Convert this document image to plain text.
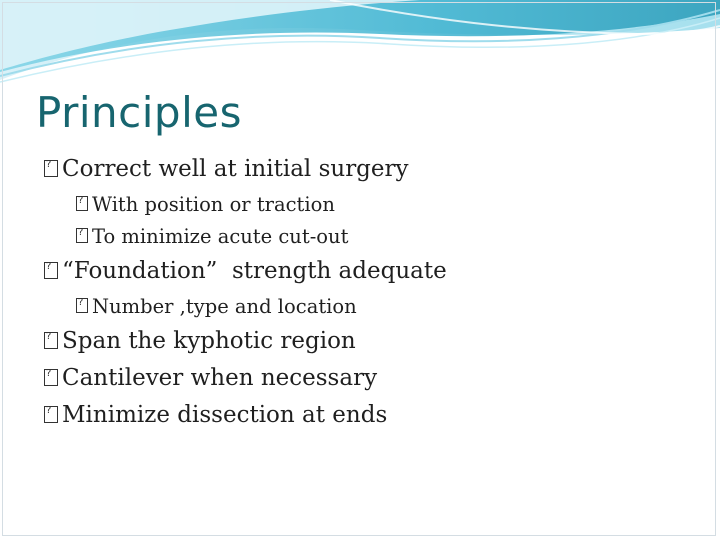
Principles
?
Correct well at initial surgery
?
With position or traction
?
To minimize acute cut-out
?
“Foundation”  strength adequate
?
Number ,type and location
?
Span the kyphotic region
?
Cantilever when necessary
?
Minimize dissection at ends
